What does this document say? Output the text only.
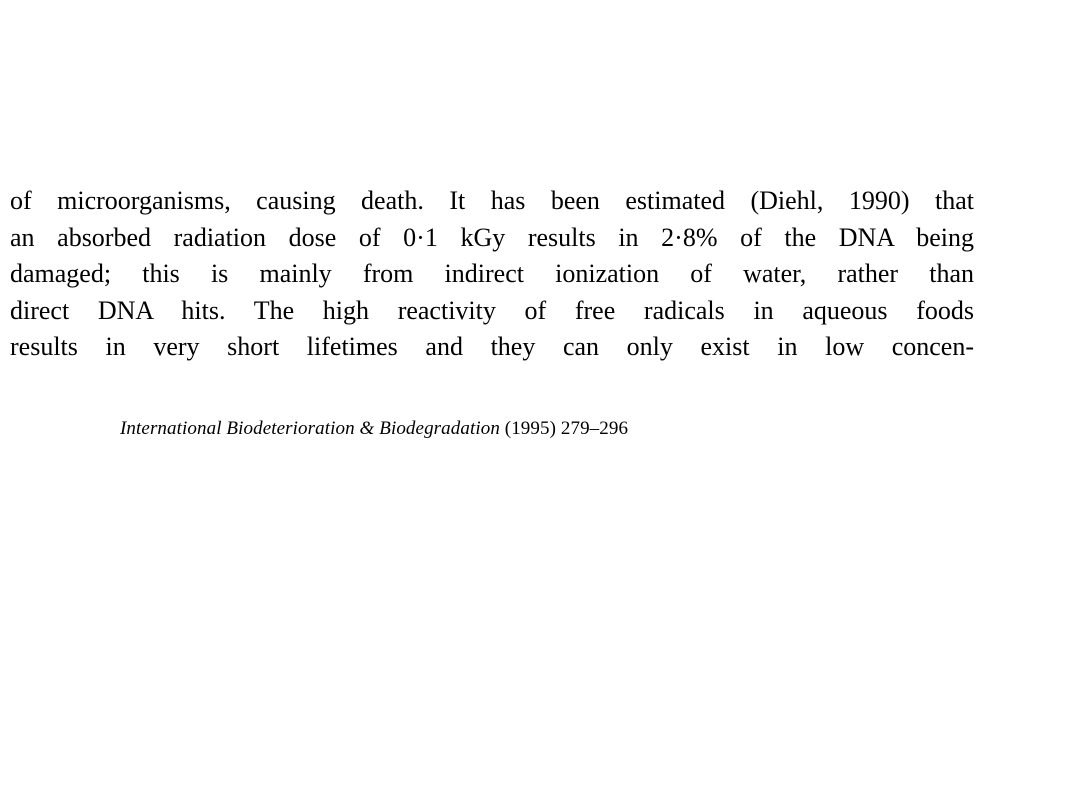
of microorganisms, causing death. It has been estimated (Diehl, 1990) that
an absorbed radiation dose of 0·1 kGy results in 2·8% of the DNA being
damaged; this is mainly from indirect ionization of water, rather than
direct DNA hits. The high reactivity of free radicals in aqueous foods
results in very short lifetimes and they can only exist in low concen-
International Biodeterioration & Biodegradation (1995) 279–296
